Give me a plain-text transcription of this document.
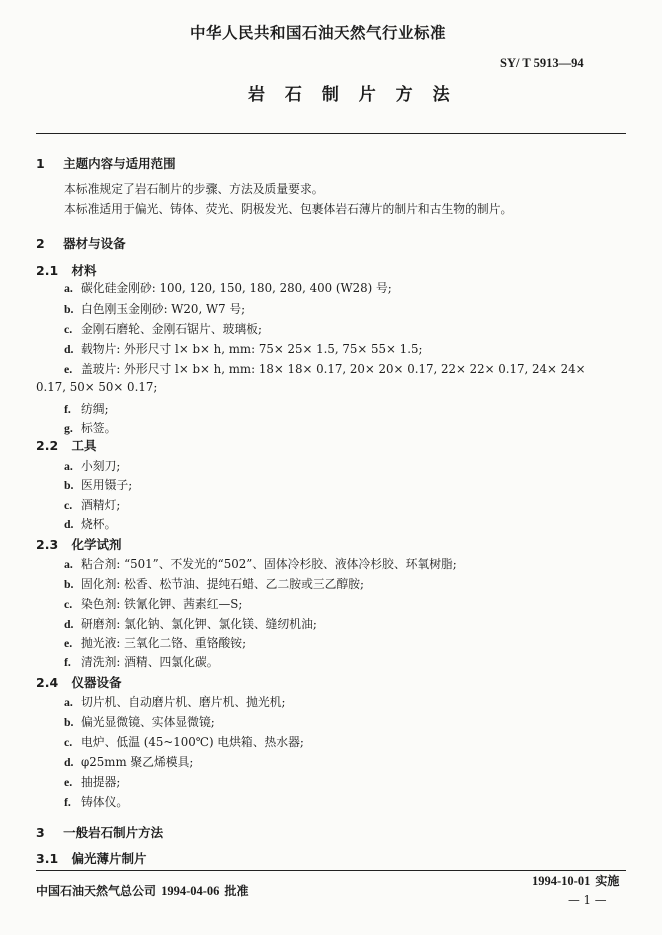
中华人民共和国石油天然气行业标准
SY/ T 5913—94
岩 石 制 片 方 法
1 主题内容与适用范围
本标准规定了岩石制片的步骤、方法及质量要求。
本标准适用于偏光、铸体、荧光、阴极发光、包裹体岩石薄片的制片和古生物的制片。
2 器材与设备
2.1 材料
a. 碳化硅金刚砂: 100, 120, 150, 180, 280, 400 (W28) 号;
b. 白色刚玉金刚砂: W20, W7 号;
c. 金刚石磨轮、金刚石锯片、玻璃板;
d. 载物片: 外形尺寸 l× b× h, mm: 75× 25× 1.5, 75× 55× 1.5;
e. 盖玻片: 外形尺寸 l× b× h, mm: 18× 18× 0.17, 20× 20× 0.17, 22× 22× 0.17, 24× 24×
0.17, 50× 50× 0.17;
f. 纺绸;
g. 标签。
2.2 工具
a. 小刻刀;
b. 医用镊子;
c. 酒精灯;
d. 烧杯。
2.3 化学试剂
a. 粘合剂: “501”、不发光的“502”、固体冷杉胶、液体冷杉胶、环氧树脂;
b. 固化剂: 松香、松节油、提纯石蜡、乙二胺或三乙醇胺;
c. 染色剂: 铁氰化钾、茜素红—S;
d. 研磨剂: 氯化钠、氯化钾、氯化镁、缝纫机油;
e. 抛光液: 三氧化二铬、重铬酸铵;
f. 清洗剂: 酒精、四氯化碳。
2.4 仪器设备
a. 切片机、自动磨片机、磨片机、抛光机;
b. 偏光显微镜、实体显微镜;
c. 电炉、低温 (45~100℃) 电烘箱、热水器;
d. φ25mm 聚乙烯模具;
e. 抽提器;
f. 铸体仪。
3 一般岩石制片方法
3.1 偏光薄片制片
中国石油天然气总公司 1994-04-06 批准
1994-10-01 实施
— 1 —
